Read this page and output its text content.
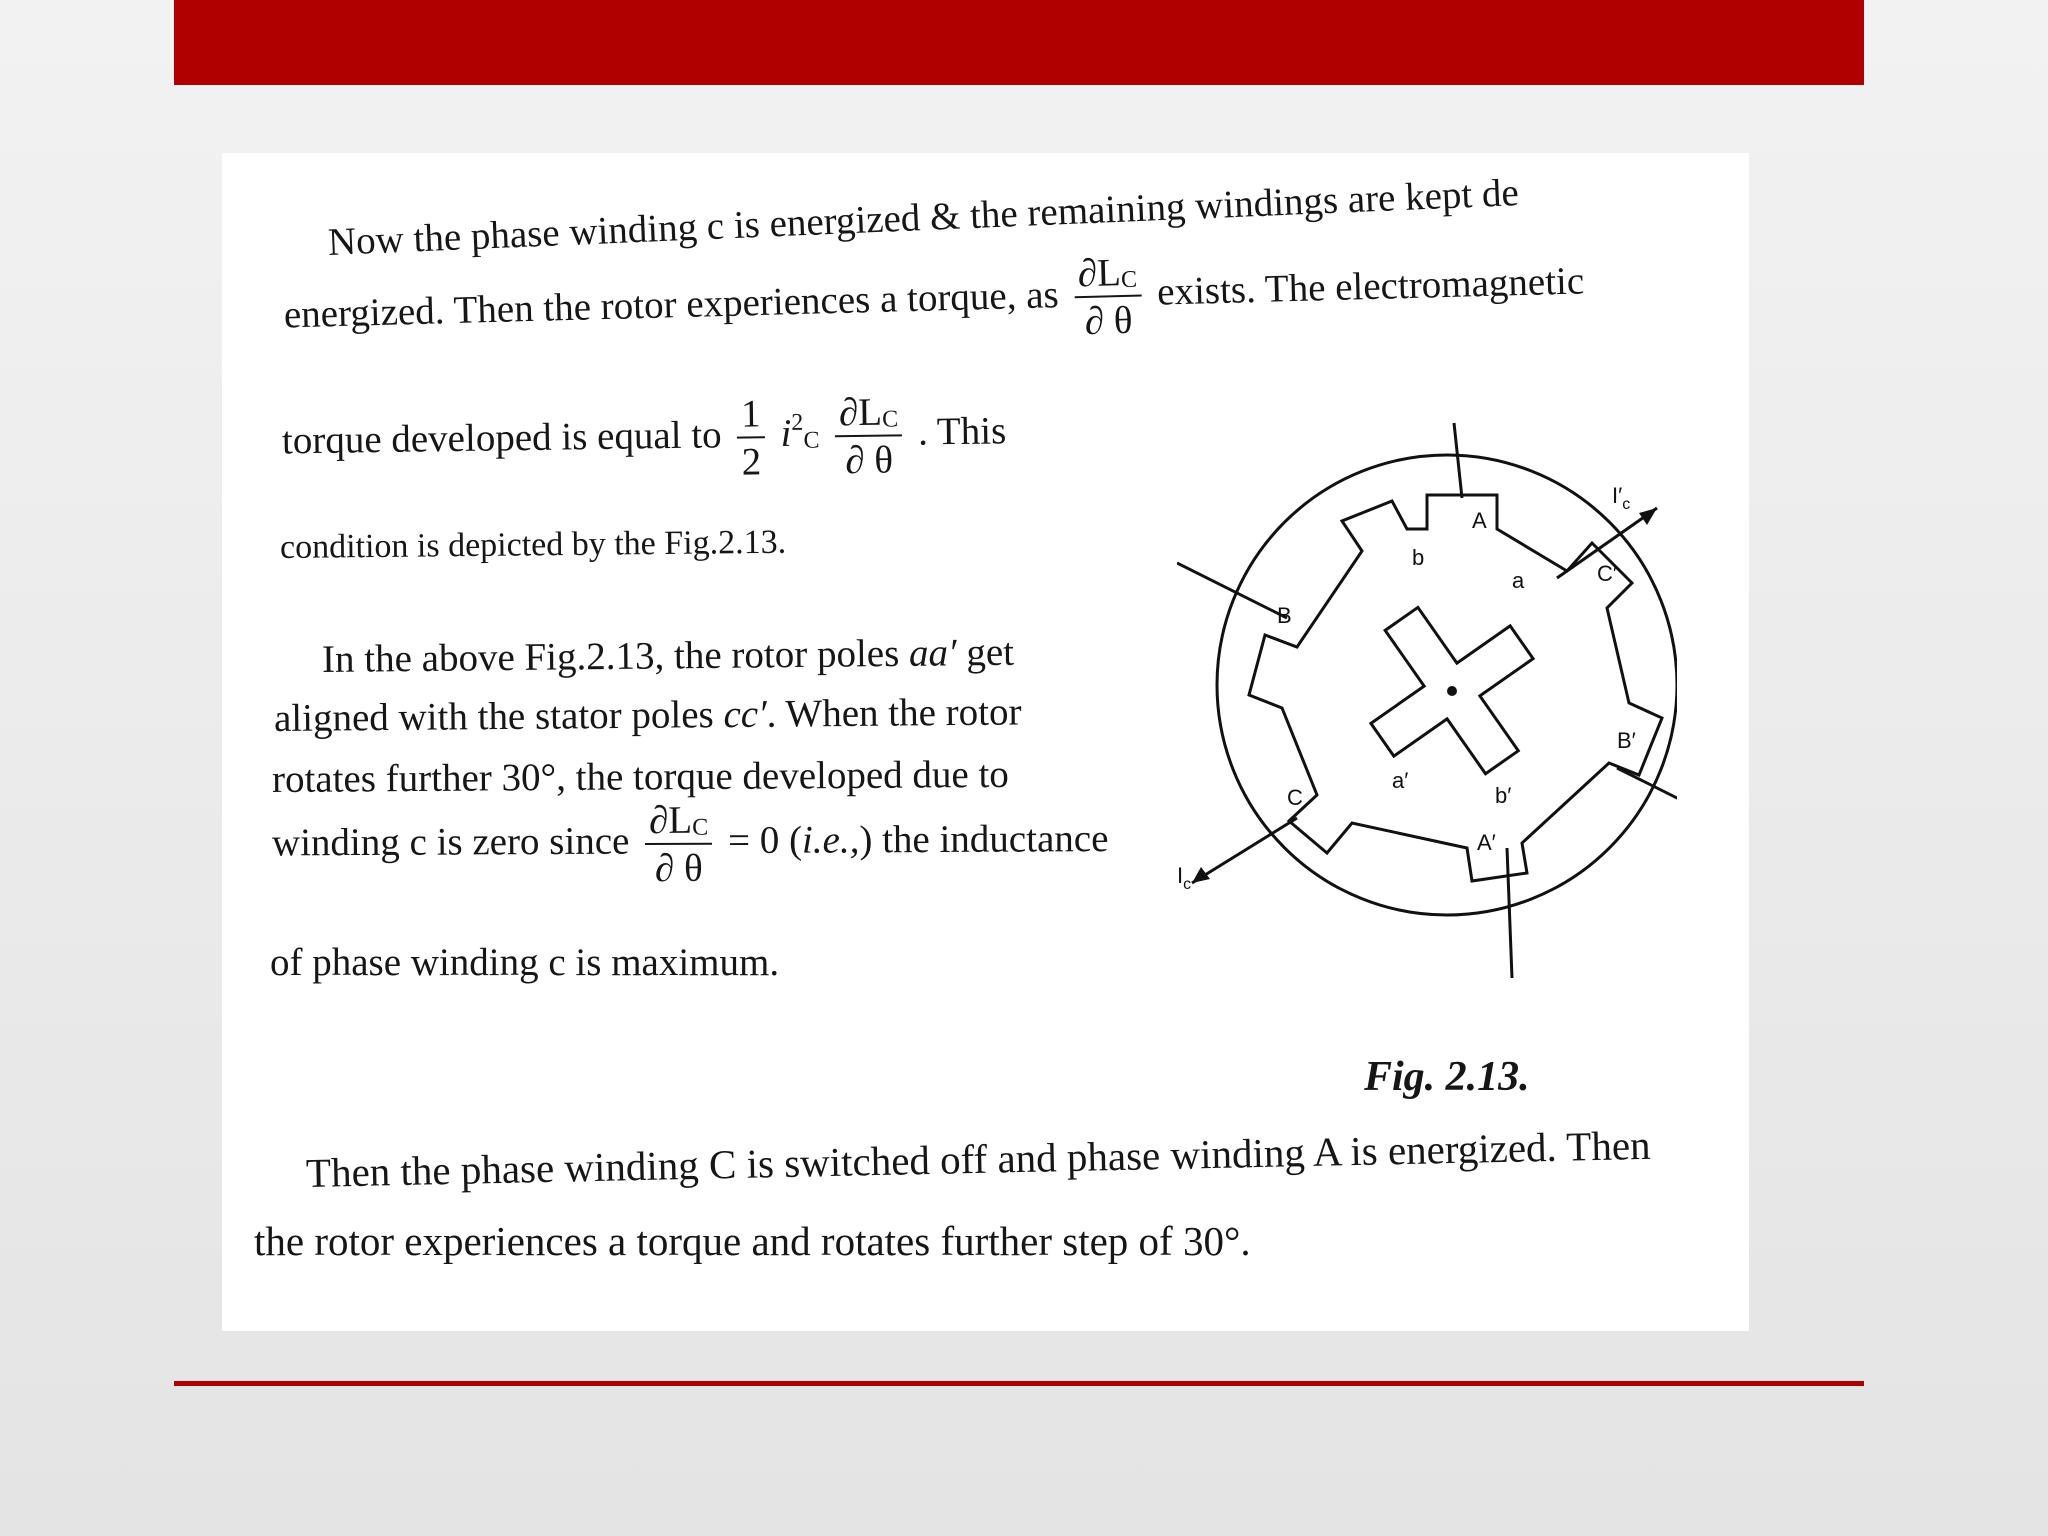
Now the phase winding c is energized & the remaining windings are kept de
energized. Then the rotor experiences a torque, as $\frac{\partial LC}{\partial \theta}$ exists. The electromagnetic
torque developed is equal to $\frac{1}{2} i^2C \frac{\partial LC}{\partial \theta}$ . This
condition is depicted by the Fig.2.13.
In the above Fig.2.13, the rotor poles aa′ get
aligned with the stator poles cc′. When the rotor
rotates further 30°, the torque developed due to
winding c is zero since $\frac{\partial LC}{\partial \theta} = 0$ (i.e.,) the inductance
of phase winding c is maximum.
A
C′
B′
A′
C
B
a
b
a′
b′
$I'_c$
$I_c$
Fig. 2.13.
Then the phase winding C is switched off and phase winding A is energized. Then
the rotor experiences a torque and rotates further step of 30°.
